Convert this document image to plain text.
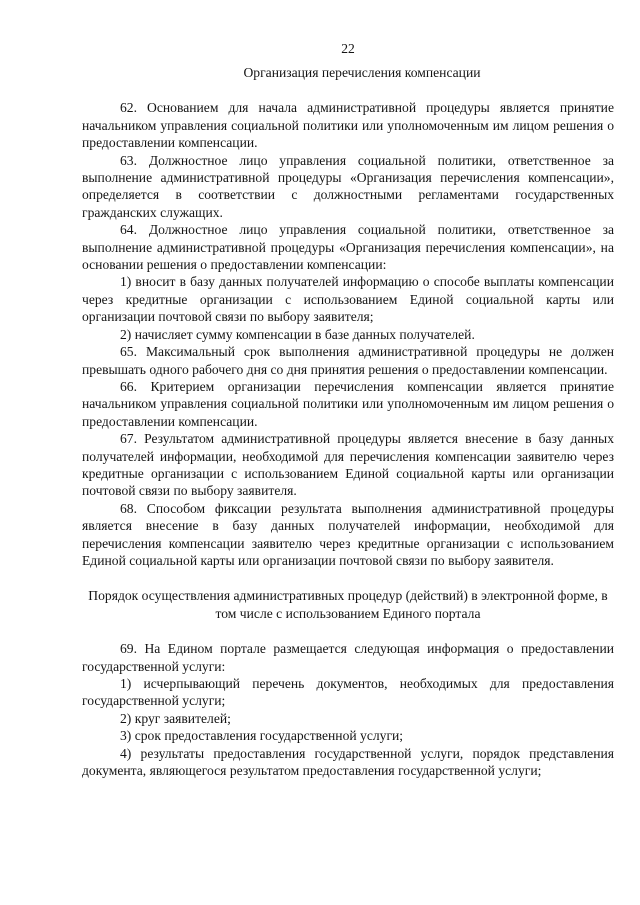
22
Организация перечисления компенсации

62. Основанием для начала административной процедуры является принятие начальником управления социальной политики или уполномоченным им лицом решения о предоставлении компенсации.

63. Должностное лицо управления социальной политики, ответственное за выполнение административной процедуры «Организация перечисления компенсации», определяется в соответствии с должностными регламентами государственных гражданских служащих.

64. Должностное лицо управления социальной политики, ответственное за выполнение административной процедуры «Организация перечисления компенсации», на основании решения о предоставлении компенсации:

1) вносит в базу данных получателей информацию о способе выплаты компенсации через кредитные организации с использованием Единой социальной карты или организации почтовой связи по выбору заявителя;

2) начисляет сумму компенсации в базе данных получателей.

65. Максимальный срок выполнения административной процедуры не должен превышать одного рабочего дня со дня принятия решения о предоставлении компенсации.

66. Критерием организации перечисления компенсации является принятие начальником управления социальной политики или уполномоченным им лицом решения о предоставлении компенсации.

67. Результатом административной процедуры является внесение в базу данных получателей информации, необходимой для перечисления компенсации заявителю через кредитные организации с использованием Единой социальной карты или организации почтовой связи по выбору заявителя.

68. Способом фиксации результата выполнения административной процедуры является внесение в базу данных получателей информации, необходимой для перечисления компенсации заявителю через кредитные организации с использованием Единой социальной карты или организации почтовой связи по выбору заявителя.

Порядок осуществления административных процедур (действий) в электронной форме, в том числе с использованием Единого портала

69. На Едином портале размещается следующая информация о предоставлении государственной услуги:

1) исчерпывающий перечень документов, необходимых для предоставления государственной услуги;

2) круг заявителей;

3) срок предоставления государственной услуги;

4) результаты предоставления государственной услуги, порядок представления документа, являющегося результатом предоставления государственной услуги;
